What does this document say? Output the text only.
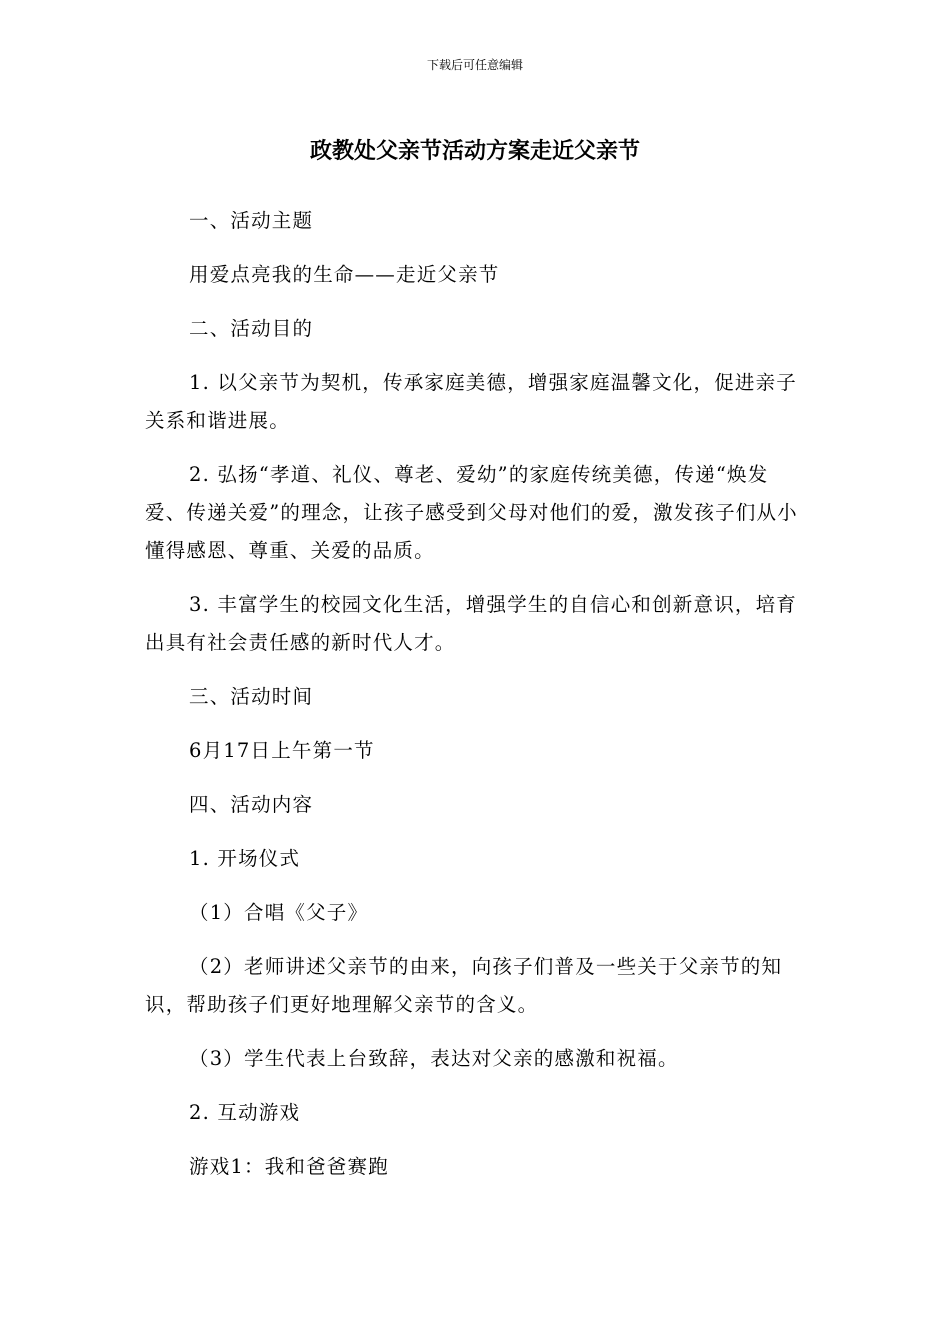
下载后可任意编辑
政教处父亲节活动方案走近父亲节

一、活动主题

用爱点亮我的生命——走近父亲节

二、活动目的

1. 以父亲节为契机，传承家庭美德，增强家庭温馨文化，促进亲子关系和谐进展。

2. 弘扬“孝道、礼仪、尊老、爱幼”的家庭传统美德，传递“焕发爱、传递关爱”的理念，让孩子感受到父母对他们的爱，激发孩子们从小懂得感恩、尊重、关爱的品质。

3. 丰富学生的校园文化生活，增强学生的自信心和创新意识，培育出具有社会责任感的新时代人才。

三、活动时间

6月17日上午第一节

四、活动内容

1. 开场仪式

（1）合唱《父子》

（2）老师讲述父亲节的由来，向孩子们普及一些关于父亲节的知识，帮助孩子们更好地理解父亲节的含义。

（3）学生代表上台致辞，表达对父亲的感激和祝福。

2. 互动游戏

游戏1：我和爸爸赛跑
